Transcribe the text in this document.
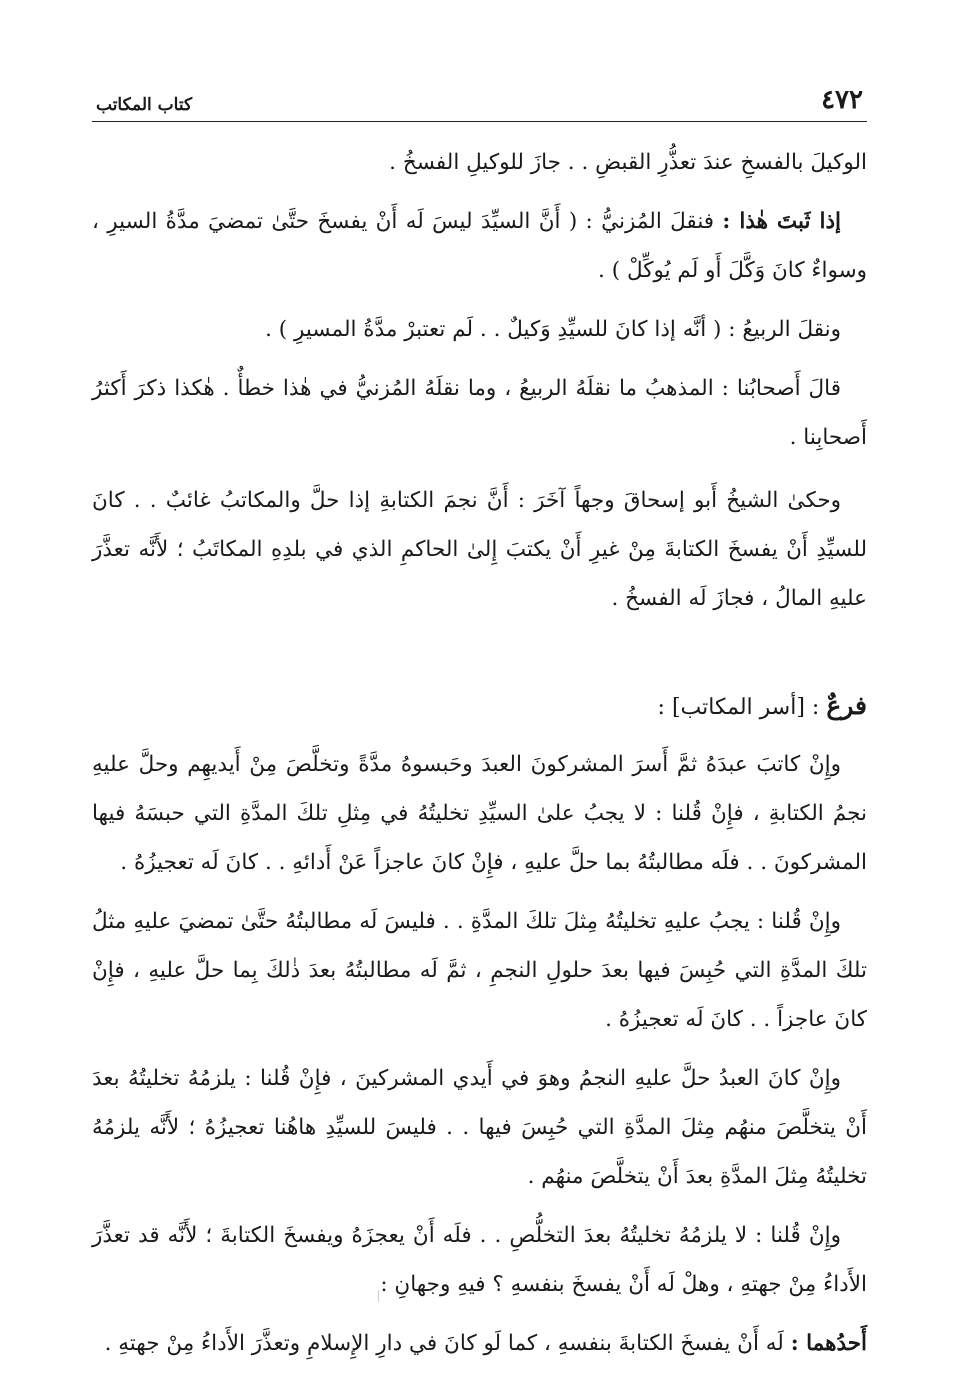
٤٧٢
كتاب المكاتب

الوكيلَ بالفسخِ عندَ تعذُّرِ القبضِ . . جازَ للوكيلِ الفسخُ .

إذا ثَبتَ هٰذا : فنقلَ المُزنيُّ : ( أَنَّ السيِّدَ ليسَ لَه أَنْ يفسخَ حتَّىٰ تمضيَ مدَّةُ السيرِ ، وسواءٌ كانَ وَكَّلَ أَو لَم يُوكِّلْ ) .

ونقلَ الربيعُ : ( أنَّه إذا كانَ للسيِّدِ وَكيلٌ . . لَم تعتبرْ مدَّةُ المسيرِ ) .

قالَ أَصحابُنا : المذهبُ ما نقلَهُ الربيعُ ، وما نقلَهُ المُزنيُّ في هٰذا خطأٌ . هٰكذا ذكرَ أَكثرُ أَصحابِنا .

وحكىٰ الشيخُ أَبو إسحاقَ وجهاً آخَرَ : أَنَّ نجمَ الكتابةِ إذا حلَّ والمكاتبُ غائبٌ . . كانَ للسيِّدِ أَنْ يفسخَ الكتابةَ مِنْ غيرِ أَنْ يكتبَ إِلىٰ الحاكمِ الذي في بلدِهِ المكاتَبُ ؛ لأَنَّه تعذَّرَ عليهِ المالُ ، فجازَ لَه الفسخُ .

فرعٌ : [أسر المكاتب] :

وإِنْ كاتبَ عبدَهُ ثمَّ أَسرَ المشركونَ العبدَ وحَبسوهُ مدَّةً وتخلَّصَ مِنْ أَيديهِم وحلَّ عليهِ نجمُ الكتابةِ ، فإِنْ قُلنا : لا يجبُ علىٰ السيِّدِ تخليتُهُ في مِثلِ تلكَ المدَّةِ التي حبسَهُ فيها المشركونَ . . فلَه مطالبتُهُ بما حلَّ عليهِ ، فإِنْ كانَ عاجزاً عَنْ أَدائهِ . . كانَ لَه تعجيزُهُ .

وإِنْ قُلنا : يجبُ عليهِ تخليتُهُ مِثلَ تلكَ المدَّةِ . . فليسَ لَه مطالبتُهُ حتَّىٰ تمضيَ عليهِ مثلُ تلكَ المدَّةِ التي حُبِسَ فيها بعدَ حلولِ النجمِ ، ثمَّ لَه مطالبتُهُ بعدَ ذٰلكَ بِما حلَّ عليهِ ، فإِنْ كانَ عاجزاً . . كانَ لَه تعجيزُهُ .

وإِنْ كانَ العبدُ حلَّ عليهِ النجمُ وهوَ في أَيدي المشركينَ ، فإِنْ قُلنا : يلزمُهُ تخليتُهُ بعدَ أَنْ يتخلَّصَ منهُم مِثلَ المدَّةِ التي حُبِسَ فيها . . فليسَ للسيِّدِ هاهُنا تعجيزُهُ ؛ لأَنَّه يلزمُهُ تخليتُهُ مِثلَ المدَّةِ بعدَ أَنْ يتخلَّصَ منهُم .

وإِنْ قُلنا : لا يلزمُهُ تخليتُهُ بعدَ التخلُّصِ . . فلَه أَنْ يعجزَهُ ويفسخَ الكتابةَ ؛ لأَنَّه قد تعذَّرَ الأَداءُ مِنْ جهتهِ ، وهلْ لَه أَنْ يفسخَ بنفسهِ ؟ فيهِ وجهانِ :

أَحدُهما : لَه أَنْ يفسخَ الكتابةَ بنفسهِ ، كما لَو كانَ في دارِ الإِسلامِ وتعذَّرَ الأَداءُ مِنْ جهتهِ .
